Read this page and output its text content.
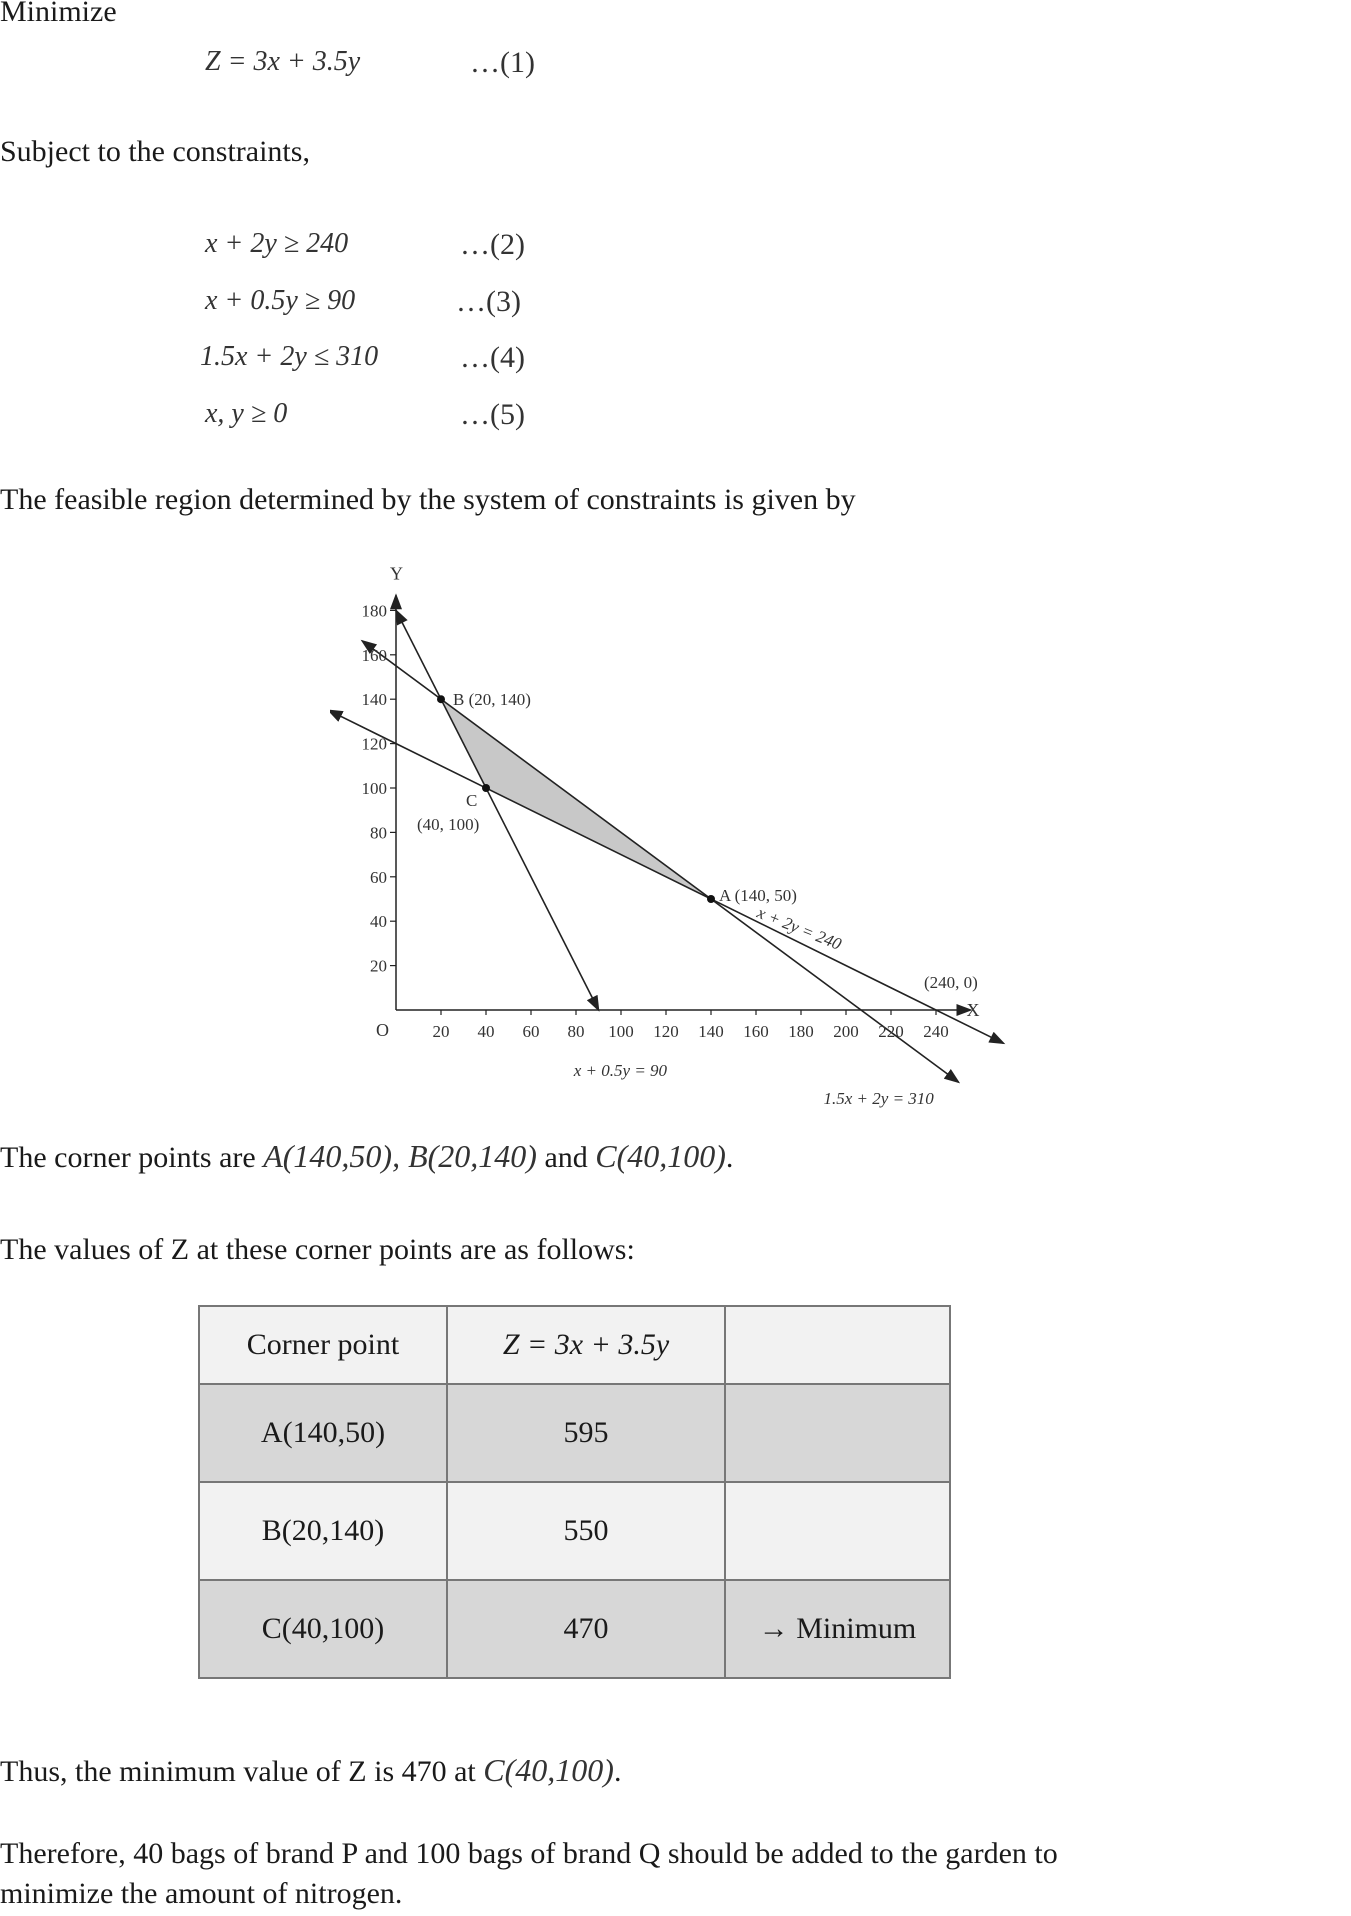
Minimize
Z = 3x + 3.5y	…(1)
Subject to the constraints,
x + 2y ≥ 240	…(2)
x + 0.5y ≥ 90	…(3)
1.5x + 2y ≤ 310	…(4)
x, y ≥ 0	…(5)
The feasible region determined by the system of constraints is given by
20 40 60 80 100 120 140 160 180 200 220 240
20
40
60
80
100
120
140
160
180
X
Y
O
x + 2y = 240
x + 0.5y = 90
1.5x + 2y = 310
A (140, 50)
B (20, 140)
C
(40, 100)
(240, 0)
The corner points are A(140,50), B(20,140) and C(40,100).
The values of Z at these corner points are as follows:
Corner point	Z = 3x + 3.5y	
A(140,50)	595	
B(20,140)	550	
C(40,100)	470	→ Minimum
Thus, the minimum value of Z is 470 at C(40,100).
Therefore, 40 bags of brand P and 100 bags of brand Q should be added to the garden to
minimize the amount of nitrogen.
